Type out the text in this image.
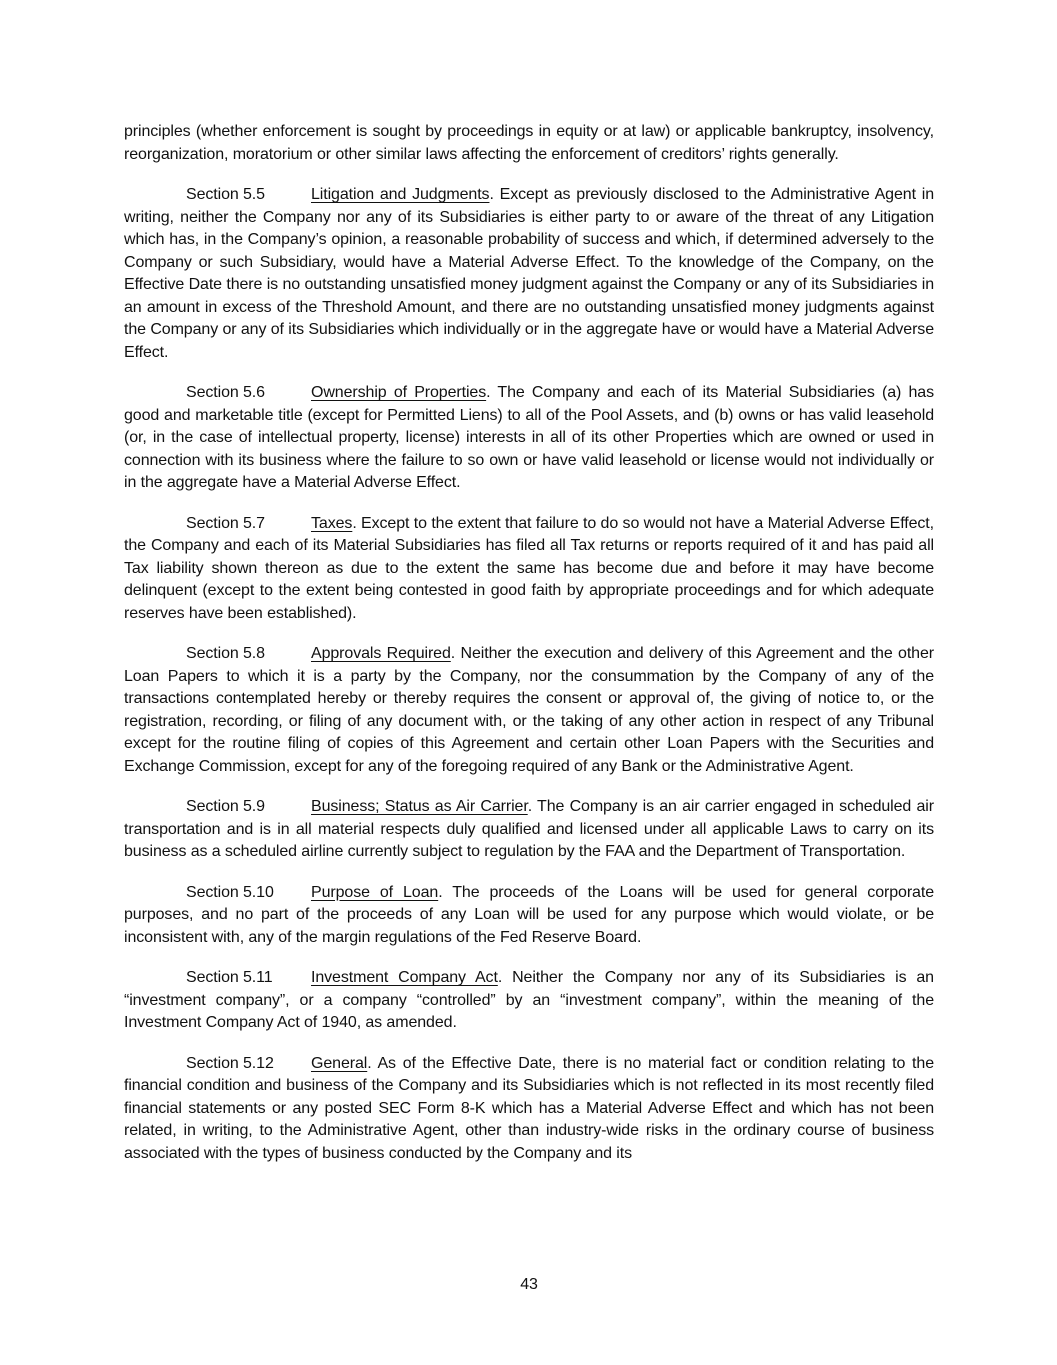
principles (whether enforcement is sought by proceedings in equity or at law) or applicable bankruptcy, insolvency, reorganization, moratorium or other similar laws affecting the enforcement of creditors’ rights generally.

Section 5.5	Litigation and Judgments. Except as previously disclosed to the Administrative Agent in writing, neither the Company nor any of its Subsidiaries is either party to or aware of the threat of any Litigation which has, in the Company’s opinion, a reasonable probability of success and which, if determined adversely to the Company or such Subsidiary, would have a Material Adverse Effect. To the knowledge of the Company, on the Effective Date there is no outstanding unsatisfied money judgment against the Company or any of its Subsidiaries in an amount in excess of the Threshold Amount, and there are no outstanding unsatisfied money judgments against the Company or any of its Subsidiaries which individually or in the aggregate have or would have a Material Adverse Effect.

Section 5.6	Ownership of Properties. The Company and each of its Material Subsidiaries (a) has good and marketable title (except for Permitted Liens) to all of the Pool Assets, and (b) owns or has valid leasehold (or, in the case of intellectual property, license) interests in all of its other Properties which are owned or used in connection with its business where the failure to so own or have valid leasehold or license would not individually or in the aggregate have a Material Adverse Effect.

Section 5.7	Taxes. Except to the extent that failure to do so would not have a Material Adverse Effect, the Company and each of its Material Subsidiaries has filed all Tax returns or reports required of it and has paid all Tax liability shown thereon as due to the extent the same has become due and before it may have become delinquent (except to the extent being contested in good faith by appropriate proceedings and for which adequate reserves have been established).

Section 5.8	Approvals Required. Neither the execution and delivery of this Agreement and the other Loan Papers to which it is a party by the Company, nor the consummation by the Company of any of the transactions contemplated hereby or thereby requires the consent or approval of, the giving of notice to, or the registration, recording, or filing of any document with, or the taking of any other action in respect of any Tribunal except for the routine filing of copies of this Agreement and certain other Loan Papers with the Securities and Exchange Commission, except for any of the foregoing required of any Bank or the Administrative Agent.

Section 5.9	Business; Status as Air Carrier. The Company is an air carrier engaged in scheduled air transportation and is in all material respects duly qualified and licensed under all applicable Laws to carry on its business as a scheduled airline currently subject to regulation by the FAA and the Department of Transportation.

Section 5.10 Purpose of Loan. The proceeds of the Loans will be used for general corporate purposes, and no part of the proceeds of any Loan will be used for any purpose which would violate, or be inconsistent with, any of the margin regulations of the Fed Reserve Board.

Section 5.11 Investment Company Act. Neither the Company nor any of its Subsidiaries is an “investment company”, or a company “controlled” by an “investment company”, within the meaning of the Investment Company Act of 1940, as amended.

Section 5.12 General. As of the Effective Date, there is no material fact or condition relating to the financial condition and business of the Company and its Subsidiaries which is not reflected in its most recently filed financial statements or any posted SEC Form 8-K which has a Material Adverse Effect and which has not been related, in writing, to the Administrative Agent, other than industry-wide risks in the ordinary course of business associated with the types of business conducted by the Company and its

43
